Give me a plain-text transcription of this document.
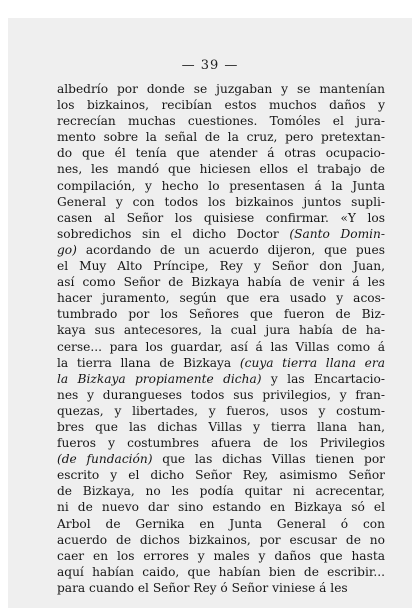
— 39 —
albedrío por donde se juzgaban y se mantenían
los bizkainos, recibían estos muchos daños y
recrecían muchas cuestiones. Tomóles el jura-
mento sobre la señal de la cruz, pero pretextan-
do que él tenía que atender á otras ocupacio-
nes, les mandó que hiciesen ellos el trabajo de
compilación, y hecho lo presentasen á la Junta
General y con todos los bizkainos juntos supli-
casen al Señor los quisiese confirmar. «Y los
sobredichos sin el dicho Doctor (Santo Domin-
go) acordando de un acuerdo dijeron, que pues
el Muy Alto Príncipe, Rey y Señor don Juan,
así como Señor de Bizkaya había de venir á les
hacer juramento, según que era usado y acos-
tumbrado por los Señores que fueron de Biz-
kaya sus antecesores, la cual jura había de ha-
cerse... para los guardar, así á las Villas como á
la tierra llana de Bizkaya (cuya tierra llana era
la Bizkaya propiamente dicha) y las Encartacio-
nes y durangueses todos sus privilegios, y fran-
quezas, y libertades, y fueros, usos y costum-
bres que las dichas Villas y tierra llana han,
fueros y costumbres afuera de los Privilegios
(de fundación) que las dichas Villas tienen por
escrito y el dicho Señor Rey, asimismo Señor
de Bizkaya, no les podía quitar ni acrecentar,
ni de nuevo dar sino estando en Bizkaya só el
Arbol de Gernika en Junta General ó con
acuerdo de dichos bizkainos, por escusar de no
caer en los errores y males y daños que hasta
aquí habían caido, que habían bien de escribir...
para cuando el Señor Rey ó Señor viniese á les
